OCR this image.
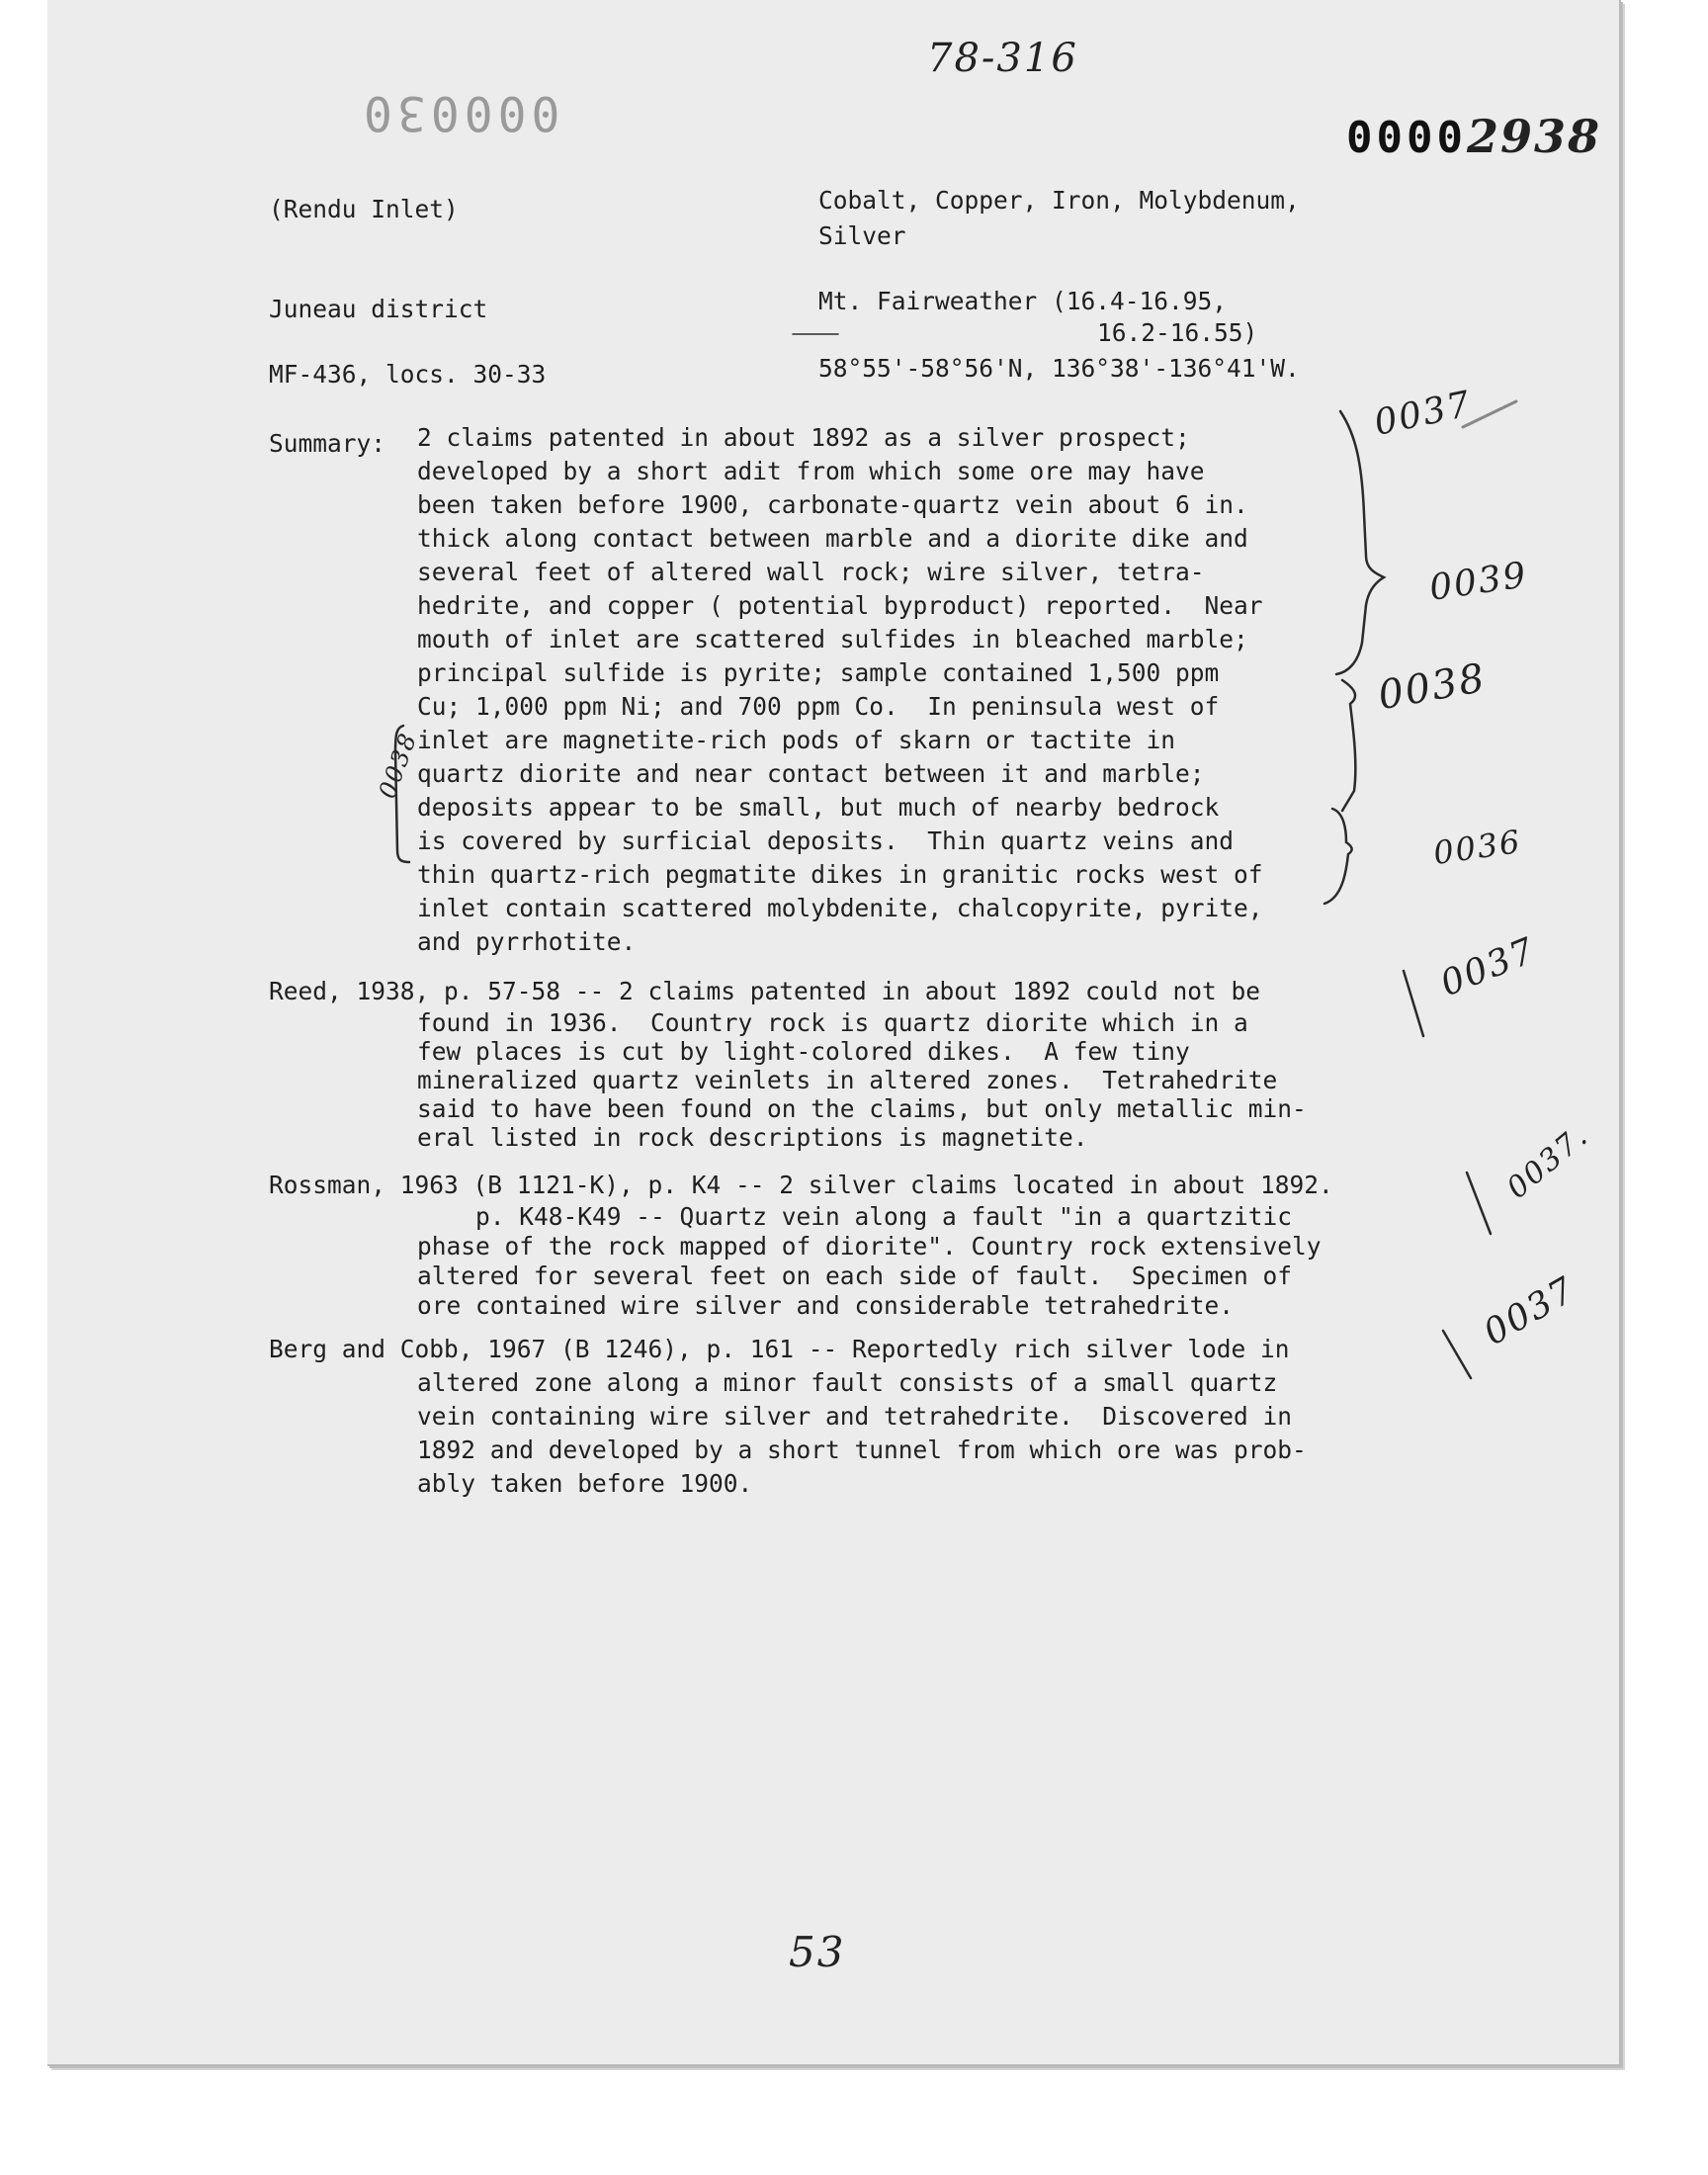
78-316

00002938

000030
(Rendu Inlet)	Cobalt, Copper, Iron, Molybdenum,
Silver
Juneau district	Mt. Fairweather (16.4-16.95,
16.2-16.55)
MF-436, locs. 30-33	58°55'-58°56'N, 136°38'-136°41'W.
Summary: 2 claims patented in about 1892 as a silver prospect;
developed by a short adit from which some ore may have
been taken before 1900, carbonate-quartz vein about 6 in.
thick along contact between marble and a diorite dike and
several feet of altered wall rock; wire silver, tetra-
hedrite, and copper ( potential byproduct) reported.  Near
mouth of inlet are scattered sulfides in bleached marble;
principal sulfide is pyrite; sample contained 1,500 ppm
Cu; 1,000 ppm Ni; and 700 ppm Co.  In peninsula west of
inlet are magnetite-rich pods of skarn or tactite in
quartz diorite and near contact between it and marble;
deposits appear to be small, but much of nearby bedrock
is covered by surficial deposits.  Thin quartz veins and
thin quartz-rich pegmatite dikes in granitic rocks west of
inlet contain scattered molybdenite, chalcopyrite, pyrite,
and pyrrhotite.
Reed, 1938, p. 57-58 -- 2 claims patented in about 1892 could not be
found in 1936.  Country rock is quartz diorite which in a
few places is cut by light-colored dikes.  A few tiny
mineralized quartz veinlets in altered zones.  Tetrahedrite
said to have been found on the claims, but only metallic min-
eral listed in rock descriptions is magnetite.
Rossman, 1963 (B 1121-K), p. K4 -- 2 silver claims located in about 1892.
p. K48-K49 -- Quartz vein along a fault "in a quartzitic
phase of the rock mapped of diorite". Country rock extensively
altered for several feet on each side of fault.  Specimen of
ore contained wire silver and considerable tetrahedrite.
Berg and Cobb, 1967 (B 1246), p. 161 -- Reportedly rich silver lode in
altered zone along a minor fault consists of a small quartz
vein containing wire silver and tetrahedrite.  Discovered in
1892 and developed by a short tunnel from which ore was prob-
ably taken before 1900.
0037
0039
0038
0038
0036
0037
0037.
0037
53
